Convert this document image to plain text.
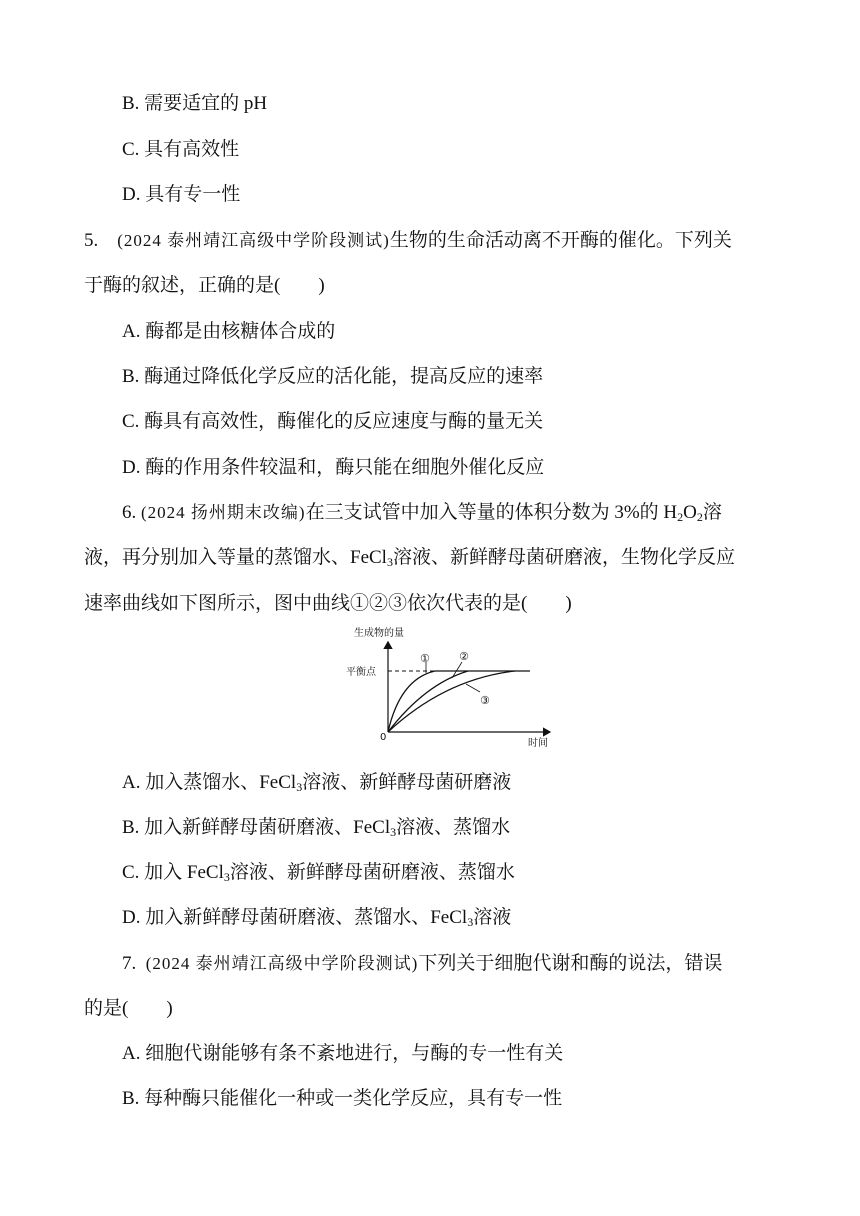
B. 需要适宜的 pH
C. 具有高效性
D. 具有专一性
5. (2024 泰州靖江高级中学阶段测试)生物的生命活动离不开酶的催化。下列关
于酶的叙述，正确的是(　　)
A. 酶都是由核糖体合成的
B. 酶通过降低化学反应的活化能，提高反应的速率
C. 酶具有高效性，酶催化的反应速度与酶的量无关
D. 酶的作用条件较温和，酶只能在细胞外催化反应
6. (2024 扬州期末改编)在三支试管中加入等量的体积分数为 3%的 $H_2O_2$溶
液，再分别加入等量的蒸馏水、FeCl$_3$溶液、新鲜酵母菌研磨液，生物化学反应
速率曲线如下图所示，图中曲线①②③依次代表的是(　　)
生成物的量
0
时间
平衡点
①	②
③
A. 加入蒸馏水、FeCl$_3$溶液、新鲜酵母菌研磨液
B. 加入新鲜酵母菌研磨液、FeCl$_3$溶液、蒸馏水
C. 加入 FeCl$_3$溶液、新鲜酵母菌研磨液、蒸馏水
D. 加入新鲜酵母菌研磨液、蒸馏水、FeCl$_3$溶液
7. (2024 泰州靖江高级中学阶段测试)下列关于细胞代谢和酶的说法，错误
的是(　　)
A. 细胞代谢能够有条不紊地进行，与酶的专一性有关
B. 每种酶只能催化一种或一类化学反应，具有专一性
